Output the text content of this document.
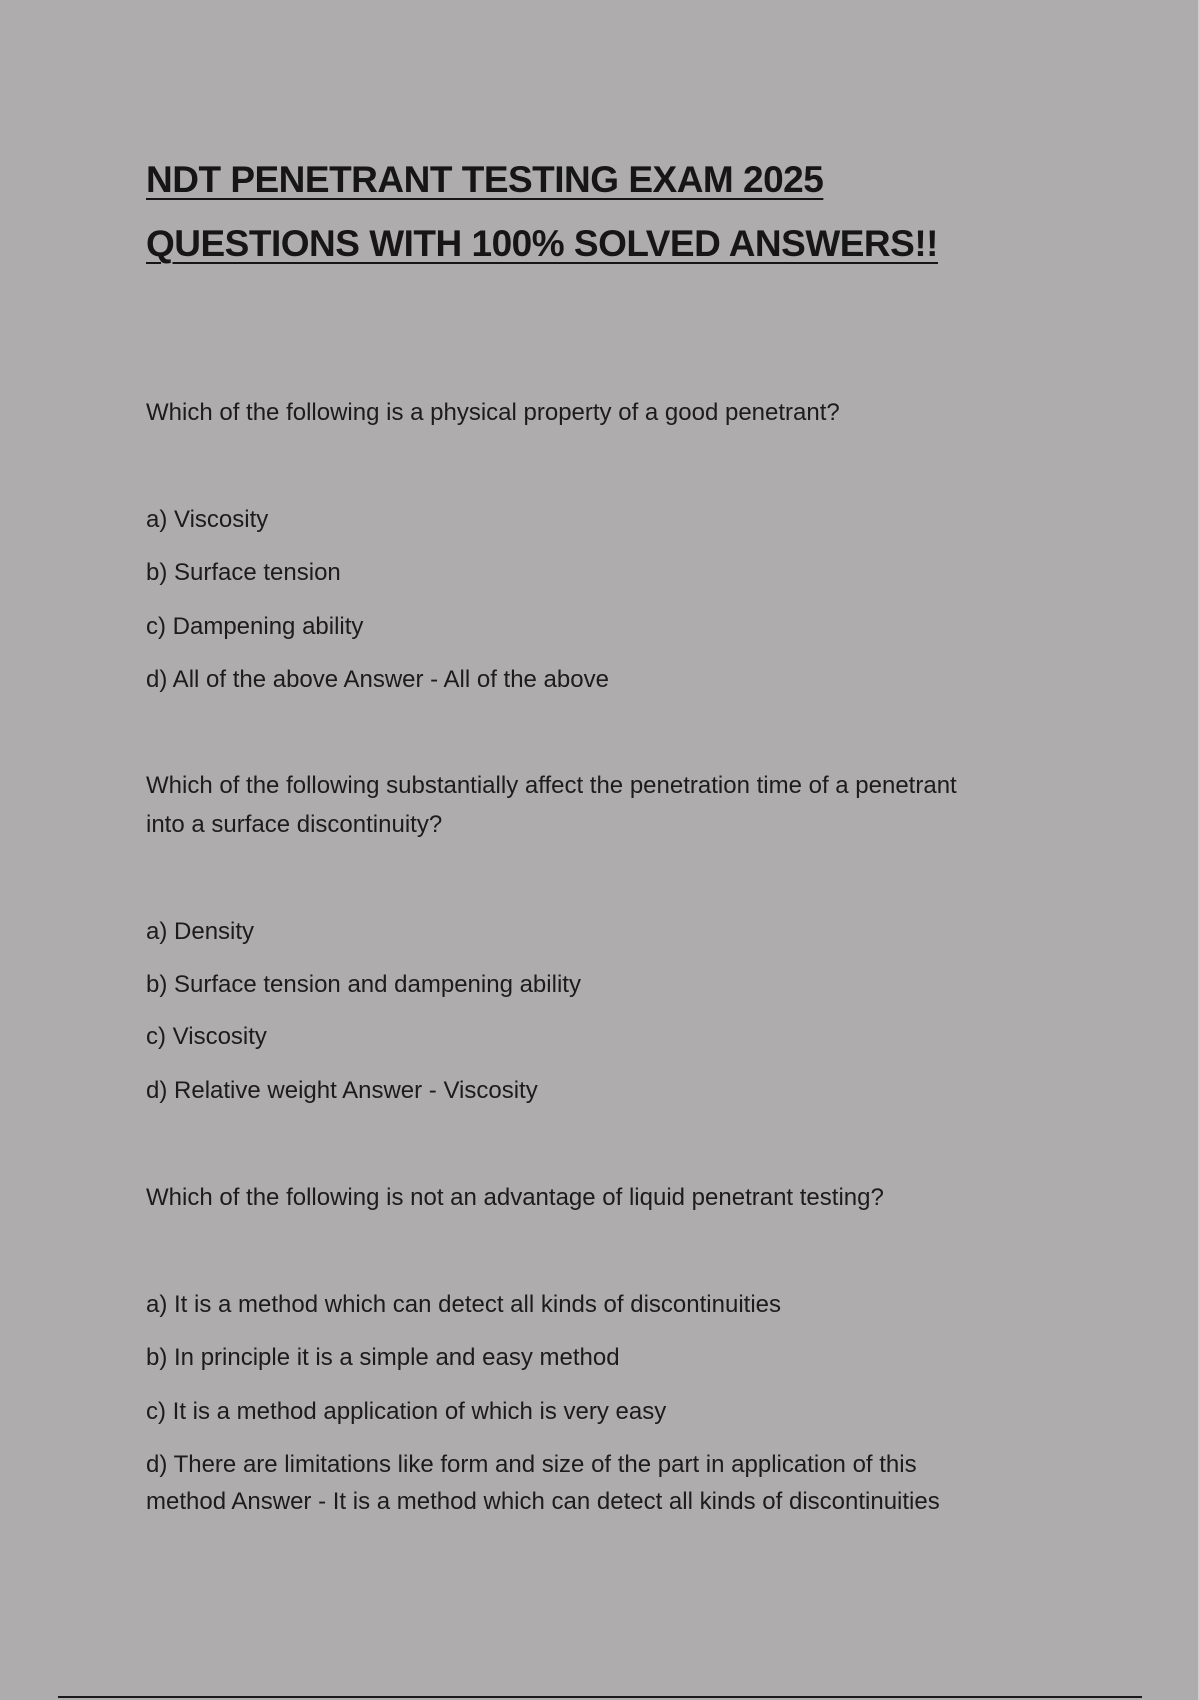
NDT PENETRANT TESTING EXAM 2025
QUESTIONS WITH 100% SOLVED ANSWERS!!

Which of the following is a physical property of a good penetrant?

a) Viscosity

b) Surface tension

c) Dampening ability

d) All of the above Answer - All of the above

Which of the following substantially affect the penetration time of a penetrant

into a surface discontinuity?

a) Density

b) Surface tension and dampening ability

c) Viscosity

d) Relative weight Answer - Viscosity

Which of the following is not an advantage of liquid penetrant testing?

a) It is a method which can detect all kinds of discontinuities

b) In principle it is a simple and easy method

c) It is a method application of which is very easy

d) There are limitations like form and size of the part in application of this

method Answer - It is a method which can detect all kinds of discontinuities
